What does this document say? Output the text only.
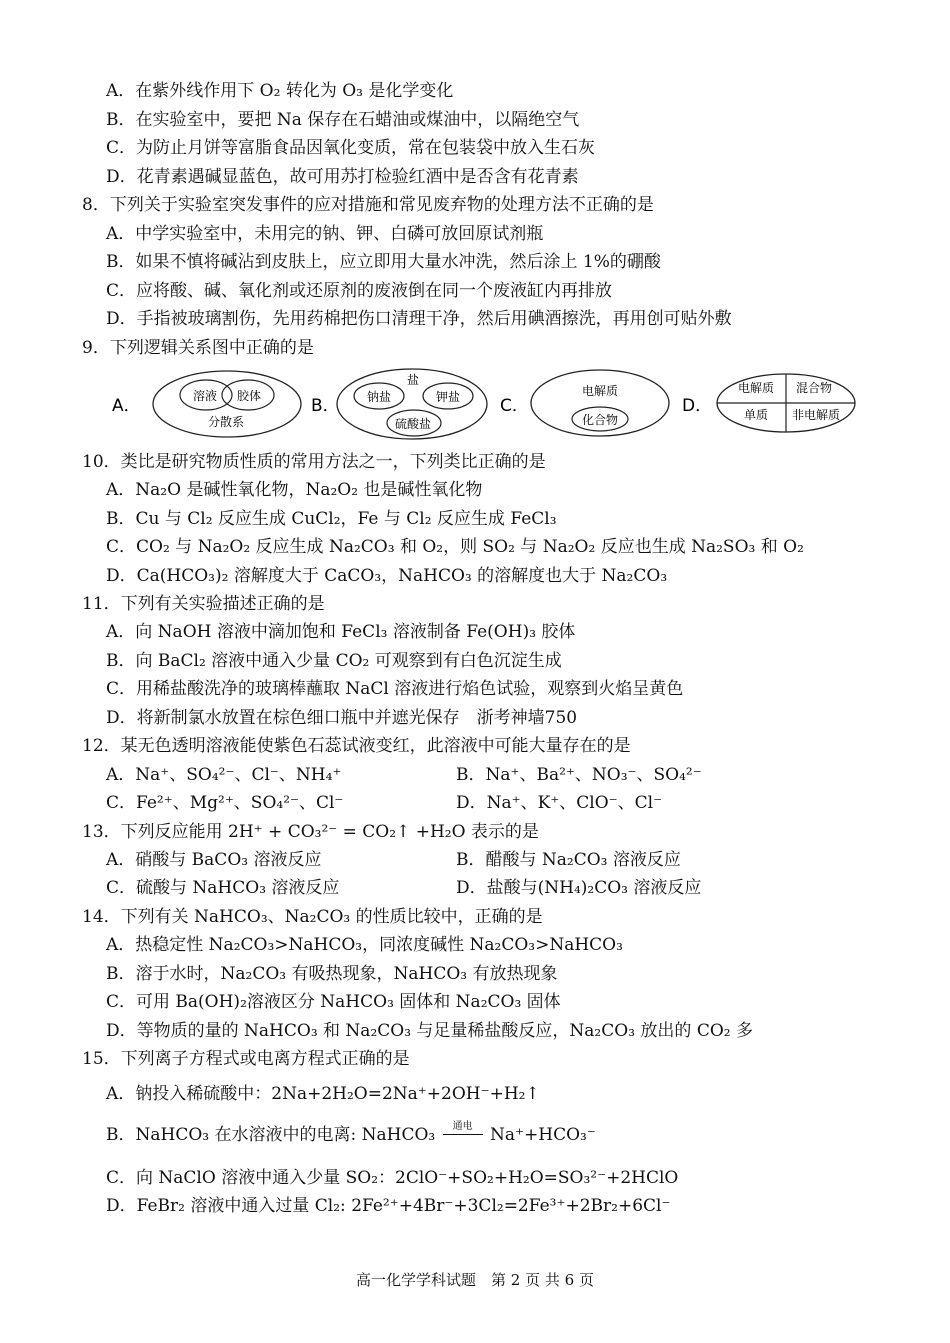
A．在紫外线作用下 O₂ 转化为 O₃ 是化学变化
B．在实验室中，要把 Na 保存在石蜡油或煤油中，以隔绝空气
C．为防止月饼等富脂食品因氧化变质，常在包装袋中放入生石灰
D．花青素遇碱显蓝色，故可用苏打检验红酒中是否含有花青素
8．下列关于实验室突发事件的应对措施和常见废弃物的处理方法不正确的是
A．中学实验室中，未用完的钠、钾、白磷可放回原试剂瓶
B．如果不慎将碱沾到皮肤上，应立即用大量水冲洗，然后涂上 1%的硼酸
C．应将酸、碱、氧化剂或还原剂的废液倒在同一个废液缸内再排放
D．手指被玻璃割伤，先用药棉把伤口清理干净，然后用碘酒擦洗，再用创可贴外敷
9．下列逻辑关系图中正确的是
A．	溶液 胶体
分散系
B．
盐
钠盐	钾盐
硫酸盐
C．
电解质
化合物
D．
电解质 混合物
单质 非电解质
10．类比是研究物质性质的常用方法之一，下列类比正确的是
A．Na₂O 是碱性氧化物，Na₂O₂ 也是碱性氧化物
B．Cu 与 Cl₂ 反应生成 CuCl₂，Fe 与 Cl₂ 反应生成 FeCl₃
C．CO₂ 与 Na₂O₂ 反应生成 Na₂CO₃ 和 O₂，则 SO₂ 与 Na₂O₂ 反应也生成 Na₂SO₃ 和 O₂
D．Ca(HCO₃)₂ 溶解度大于 CaCO₃，NaHCO₃ 的溶解度也大于 Na₂CO₃
11．下列有关实验描述正确的是
A．向 NaOH 溶液中滴加饱和 FeCl₃ 溶液制备 Fe(OH)₃ 胶体
B．向 BaCl₂ 溶液中通入少量 CO₂ 可观察到有白色沉淀生成
C．用稀盐酸洗净的玻璃棒蘸取 NaCl 溶液进行焰色试验，观察到火焰呈黄色
D．将新制氯水放置在棕色细口瓶中并遮光保存　浙考神墙750
12．某无色透明溶液能使紫色石蕊试液变红，此溶液中可能大量存在的是
A．Na⁺、SO₄²⁻、Cl⁻、NH₄⁺	B．Na⁺、Ba²⁺、NO₃⁻、SO₄²⁻
C．Fe²⁺、Mg²⁺、SO₄²⁻、Cl⁻	D．Na⁺、K⁺、ClO⁻、Cl⁻
13．下列反应能用 2H⁺ + CO₃²⁻ = CO₂↑ +H₂O 表示的是
A．硝酸与 BaCO₃ 溶液反应	B．醋酸与 Na₂CO₃ 溶液反应
C．硫酸与 NaHCO₃ 溶液反应	D．盐酸与(NH₄)₂CO₃ 溶液反应
14．下列有关 NaHCO₃、Na₂CO₃ 的性质比较中，正确的是
A．热稳定性 Na₂CO₃>NaHCO₃，同浓度碱性 Na₂CO₃>NaHCO₃
B．溶于水时，Na₂CO₃ 有吸热现象，NaHCO₃ 有放热现象
C．可用 Ba(OH)₂溶液区分 NaHCO₃ 固体和 Na₂CO₃ 固体
D．等物质的量的 NaHCO₃ 和 Na₂CO₃ 与足量稀盐酸反应，Na₂CO₃ 放出的 CO₂ 多
15．下列离子方程式或电离方程式正确的是
A．钠投入稀硫酸中：2Na+2H₂O=2Na⁺+2OH⁻+H₂↑
B．NaHCO₃ 在水溶液中的电离: NaHCO₃	通电	Na⁺+HCO₃⁻
C．向 NaClO 溶液中通入少量 SO₂：2ClO⁻+SO₂+H₂O=SO₃²⁻+2HClO
D．FeBr₂ 溶液中通入过量 Cl₂: 2Fe²⁺+4Br⁻+3Cl₂=2Fe³⁺+2Br₂+6Cl⁻
高一化学学科试题　第 2 页 共 6 页
